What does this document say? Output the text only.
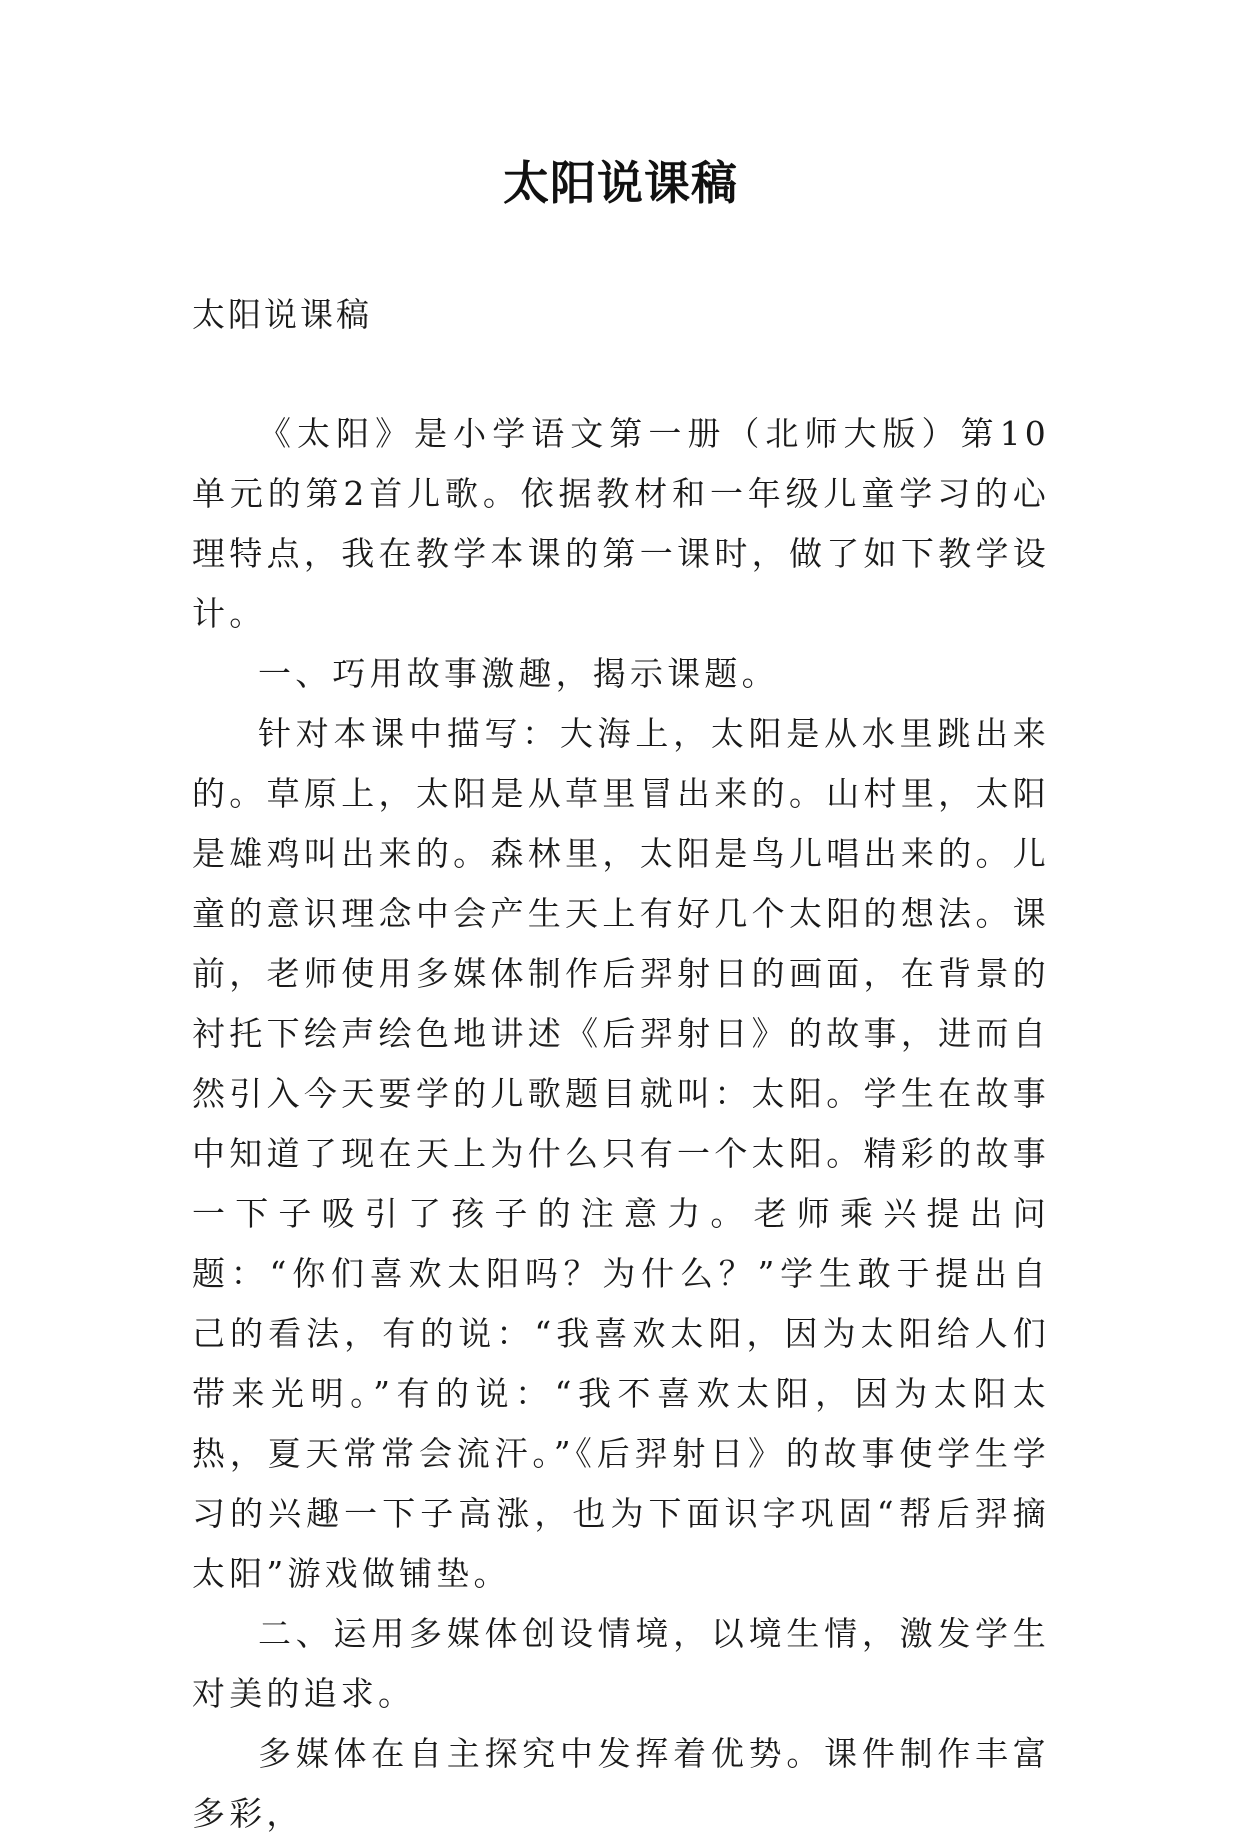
太阳说课稿
太阳说课稿

《太阳》是小学语文第一册（北师大版）第10单元的第2首儿歌。依据教材和一年级儿童学习的心理特点，我在教学本课的第一课时，做了如下教学设计。

一、巧用故事激趣，揭示课题。

针对本课中描写：大海上，太阳是从水里跳出来的。草原上，太阳是从草里冒出来的。山村里，太阳是雄鸡叫出来的。森林里，太阳是鸟儿唱出来的。儿童的意识理念中会产生天上有好几个太阳的想法。课前，老师使用多媒体制作后羿射日的画面，在背景的衬托下绘声绘色地讲述《后羿射日》的故事，进而自然引入今天要学的儿歌题目就叫：太阳。学生在故事中知道了现在天上为什么只有一个太阳。精彩的故事一下子吸引了孩子的注意力。老师乘兴提出问题：“你们喜欢太阳吗？为什么？”学生敢于提出自己的看法，有的说：“我喜欢太阳，因为太阳给人们带来光明。”有的说：“我不喜欢太阳，因为太阳太热，夏天常常会流汗。”《后羿射日》的故事使学生学习的兴趣一下子高涨，也为下面识字巩固“帮后羿摘太阳”游戏做铺垫。

二、运用多媒体创设情境，以境生情，激发学生对美的追求。

多媒体在自主探究中发挥着优势。课件制作丰富多彩，
